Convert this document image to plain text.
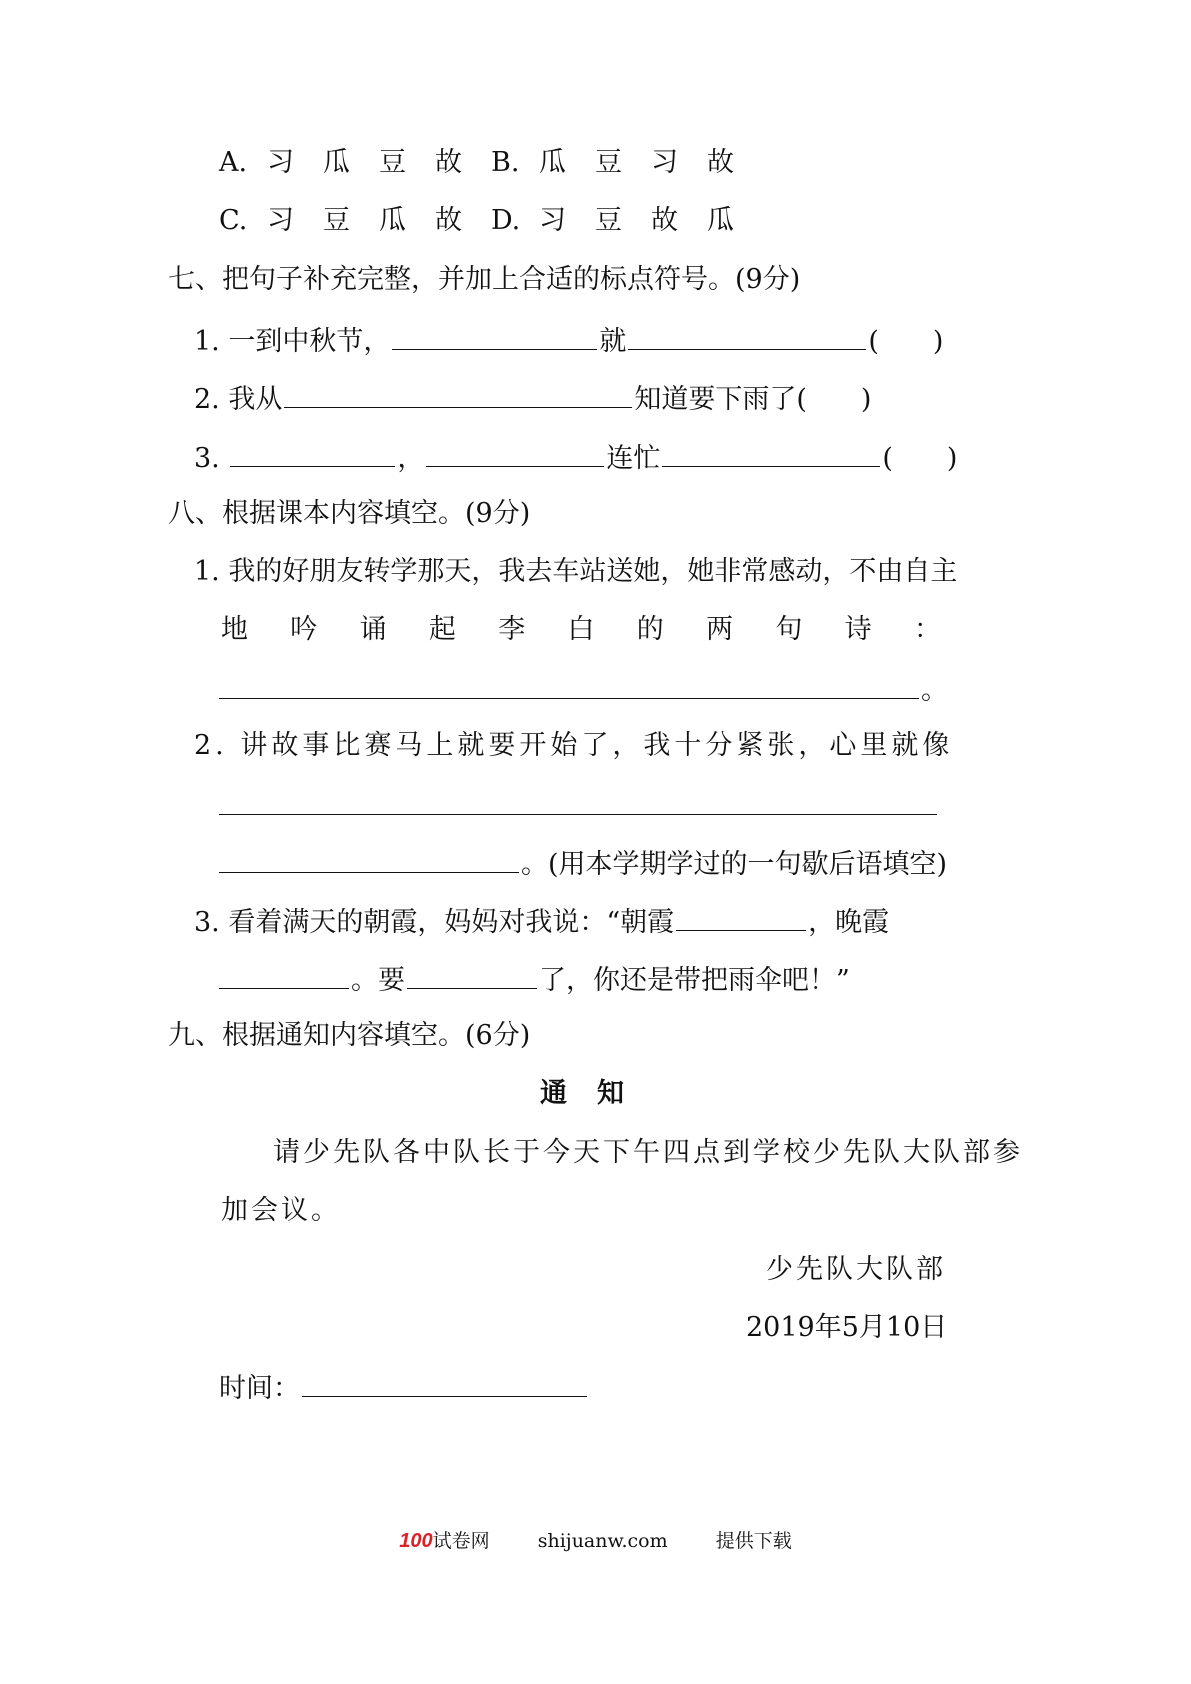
A. 习 瓜 豆 故 B. 瓜 豆 习 故
C. 习 豆 瓜 故 D. 习 豆 故 瓜
七、把句子补充完整，并加上合适的标点符号。(9分)
1. 一到中秋节，	就	(　　)
2. 我从	知道要下雨了(　　)
3.	，	连忙	(　　)
八、根据课本内容填空。(9分)
1. 我的好朋友转学那天，我去车站送她，她非常感动，不由自主
地 吟 诵 起 李 白 的 两 句 诗 ：
。
2. 讲故事比赛马上就要开始了，我十分紧张，心里就像
。(用本学期学过的一句歇后语填空)
3. 看着满天的朝霞，妈妈对我说：“朝霞	，晚霞
。要	了，你还是带把雨伞吧！”
九、根据通知内容填空。(6分)
通知
请少先队各中队长于今天下午四点到学校少先队大队部参
加会议。
少先队大队部
2019年5月10日
时间：
100试卷网	shijuanw.com	提供下载
